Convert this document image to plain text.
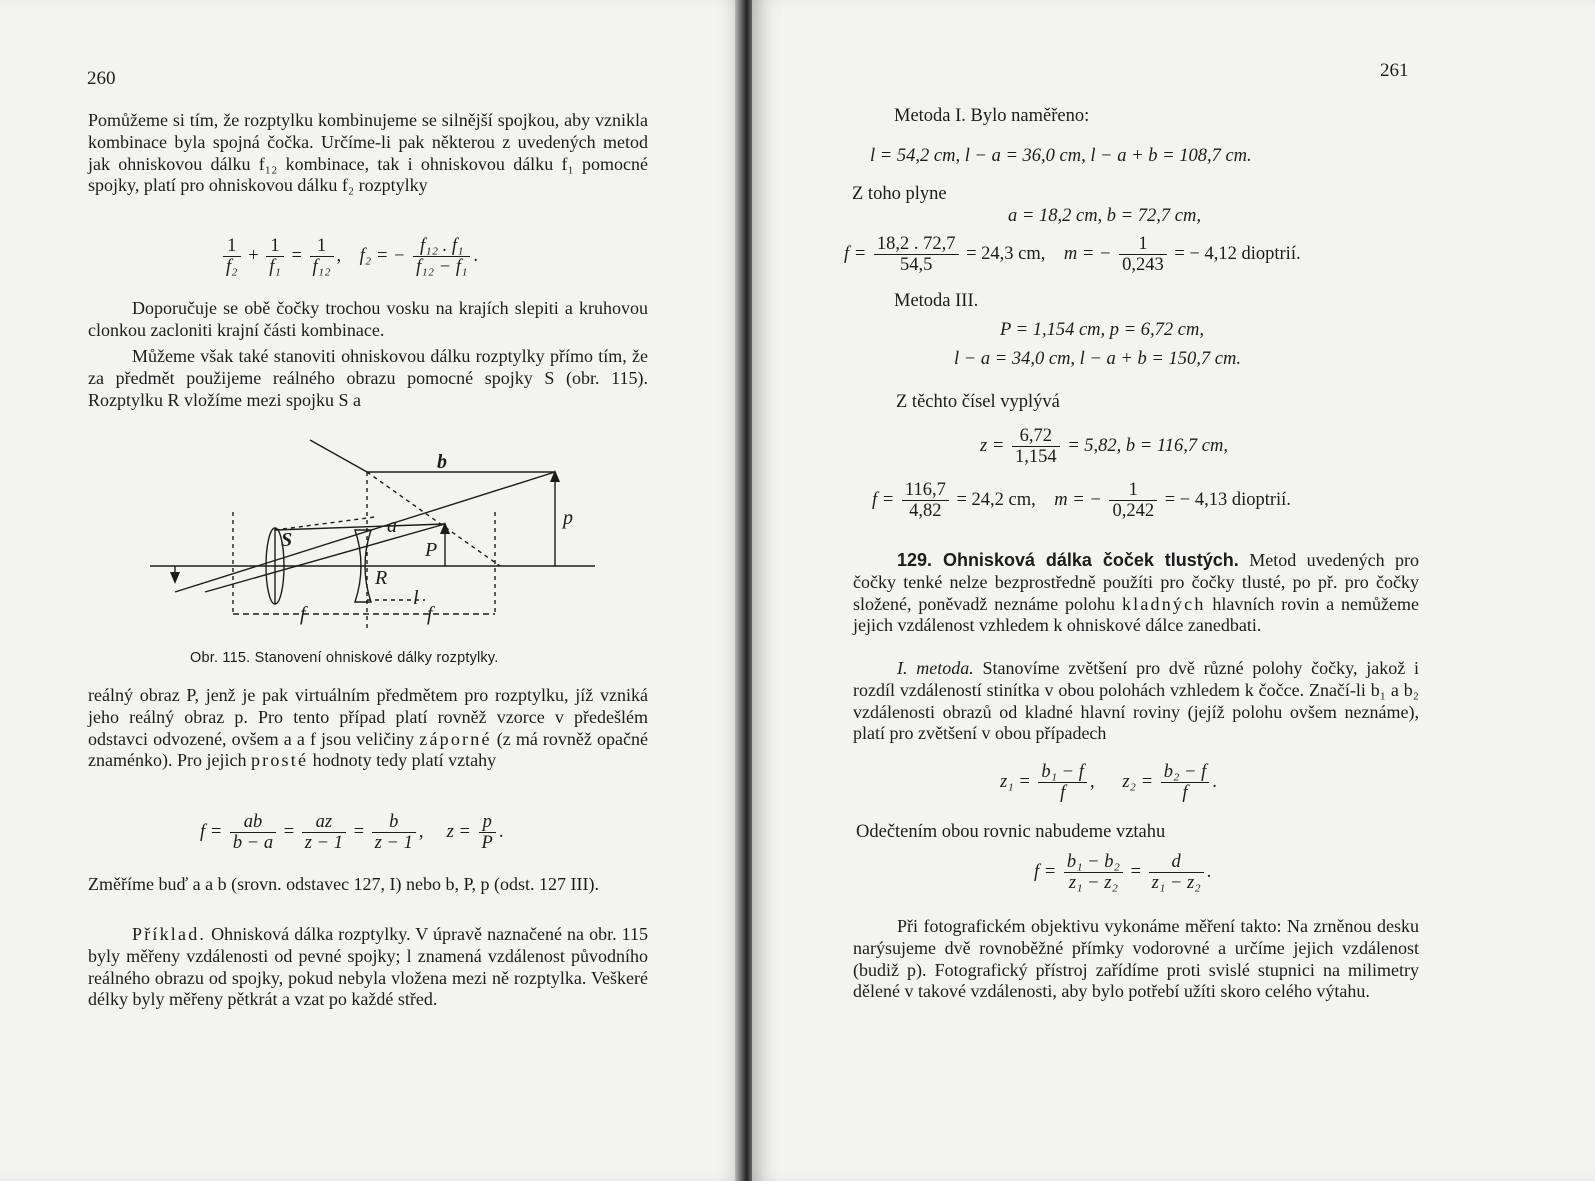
260

Pomůžeme si tím, že rozptylku kombinujeme se silnější spojkou, aby vznikla kombinace byla spojná čočka. Určíme-li pak některou z uvedených metod jak ohniskovou dálku f₁₂ kombinace, tak i ohniskovou dálku f₁ pomocné spojky, platí pro ohniskovou dálku f₂ rozptylky

$\frac{1}{\text{f₂}} + \frac{1}{\text{f₁}} = \frac{1}{\text{f₁₂}}$ , f₂ = − $\frac{\text{f₁₂ . f₁}}{\text{f₁₂ − f₁}}$ .

Doporučuje se obě čočky trochou vosku na krajích slepiti a kruhovou clonkou zacloniti krajní části kombinace.

Můžeme však také stanoviti ohniskovou dálku rozptylky přímo tím, že za předmět použijeme reálného obrazu pomocné spojky S (obr. 115). Rozptylku R vložíme mezi spojku S a

b
p
S
a
P
R
l
f	f
Obr. 115. Stanovení ohniskové dálky rozptylky.

reálný obraz P, jenž je pak virtuálním předmětem pro rozptylku, jíž vzniká jeho reálný obraz p. Pro tento případ platí rovněž vzorce v předešlém odstavci odvozené, ovšem a a f jsou veličiny záporné (z má rovněž opačné znaménko). Pro jejich prosté hodnoty tedy platí vztahy

$f = \frac{ab}{b - a} = \frac{az}{z - 1} = \frac{b}{z - 1}$ , $z = \frac{p}{P}$ .

Změříme buď a a b (srovn. odstavec 127, I) nebo b, P, p (odst. 127 III).

Příklad. Ohnisková dálka rozptylky. V úpravě naznačené na obr. 115 byly měřeny vzdálenosti od pevné spojky; l znamená vzdálenost původního reálného obrazu od spojky, pokud nebyla vložena mezi ně rozptylka. Veškeré délky byly měřeny pětkrát a vzat po každé střed.

261
Metoda I. Bylo naměřeno:
l = 54,2 cm, l − a = 36,0 cm, l − a + b = 108,7 cm.
Z toho plyne
a = 18,2 cm, b = 72,7 cm,
$f = \frac{18,2 . 72,7}{54,5} = 24,3$ cm, m = − $\frac{1}{0,243}$ = − 4,12 dioptrií.
Metoda III.
P = 1,154 cm, p = 6,72 cm,
l − a = 34,0 cm, l − a + b = 150,7 cm.
Z těchto čísel vyplývá
$z = \frac{6,72}{1,154} = 5,82$, b = 116,7 cm,
$f = \frac{116,7}{4,82} = 24,2$ cm, m = − $\frac{1}{0,242}$ = − 4,13 dioptrií.

129. Ohnisková dálka čoček tlustých. Metod uvedených pro čočky tenké nelze bezprostředně použíti pro čočky tlusté, po př. pro čočky složené, poněvadž neznáme polohu kladných hlavních rovin a nemůžeme jejich vzdálenost vzhledem k ohniskové dálce zanedbati.

I. metoda. Stanovíme zvětšení pro dvě různé polohy čočky, jakož i rozdíl vzdáleností stinítka v obou polohách vzhledem k čočce. Značí-li b₁ a b₂ vzdálenosti obrazů od kladné hlavní roviny (jejíž polohu ovšem neznáme), platí pro zvětšení v obou případech

$z_1 = \frac{\text{b₁ − f}}{f}$ , $z_2 = \frac{\text{b₂ − f}}{f}$ .
Odečtením obou rovnic nabudeme vztahu
$f = \frac{\text{b₁ − b₂}}{\text{z₁ − z₂}} = \frac{d}{\text{z₁ − z₂}}$ .

Při fotografickém objektivu vykonáme měření takto: Na zrněnou desku narýsujeme dvě rovnoběžné přímky vodorovné a určíme jejich vzdálenost (budiž p). Fotografický přístroj zařídíme proti svislé stupnici na milimetry dělené v takové vzdálenosti, aby bylo potřebí užíti skoro celého výtahu.
